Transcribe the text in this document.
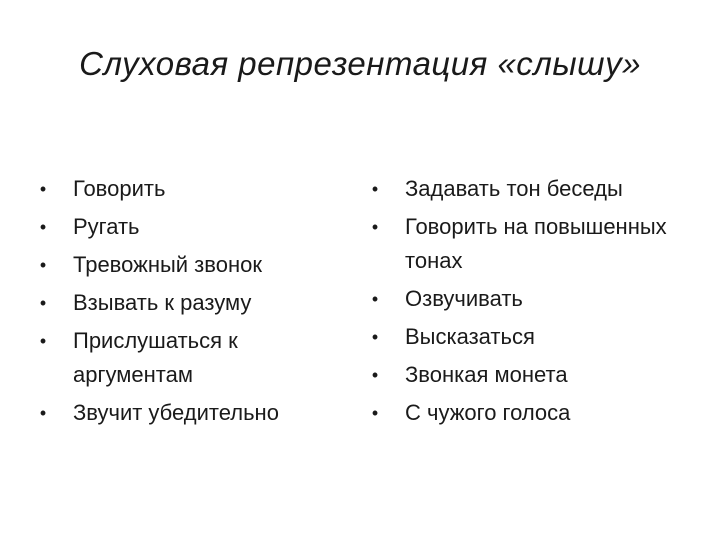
Слуховая репрезентация «слышу»
•	Говорить
•	Ругать
•	Тревожный звонок
•	Взывать к разуму
•	Прислушаться к аргументам
•	Звучит убедительно
•	Задавать тон беседы
•	Говорить на повышенных тонах
•	Озвучивать
•	Высказаться
•	Звонкая монета
•	С чужого голоса
